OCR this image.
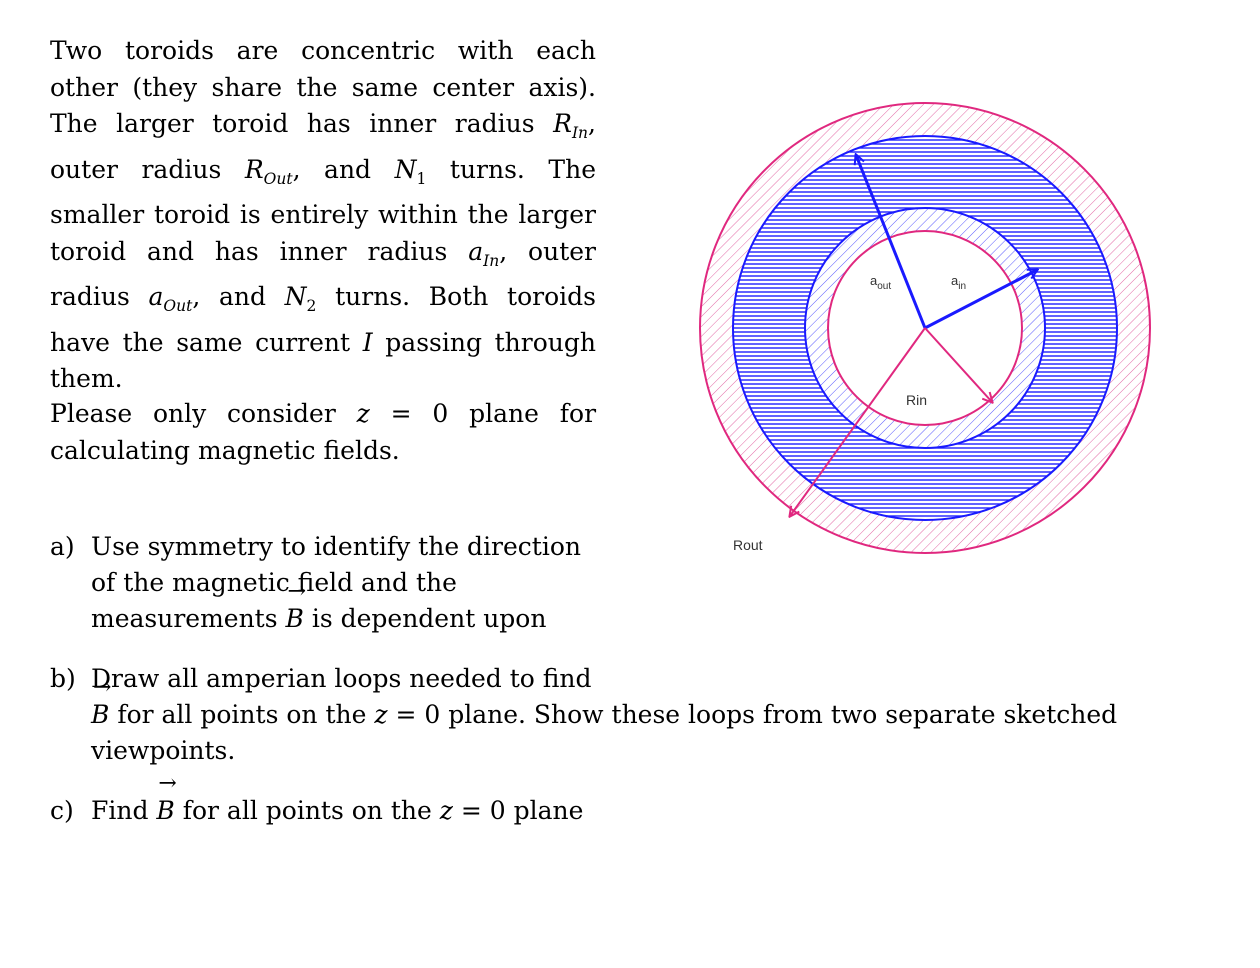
Two toroids are concentric with each other (they share the same center axis). The larger toroid has inner radius $R_{In}$, outer radius $R_{Out}$, and $N_1$ turns. The smaller toroid is entirely within the larger toroid and has inner radius $a_{In}$, outer radius $a_{Out}$, and $N_2$ turns. Both toroids have the same current I passing through them.

Please only consider z = 0 plane for calculating magnetic fields.

a) Use symmetry to identify the direction of the magnetic field and the measurements → B is dependent upon
b) Draw all amperian loops needed to find
→ B for all points on the z = 0 plane. Show these loops from two separate sketched viewpoints.
c) Find → B for all points on the z = 0 plane
$a_{out}$	$a_{in}$
Rin
Rout
